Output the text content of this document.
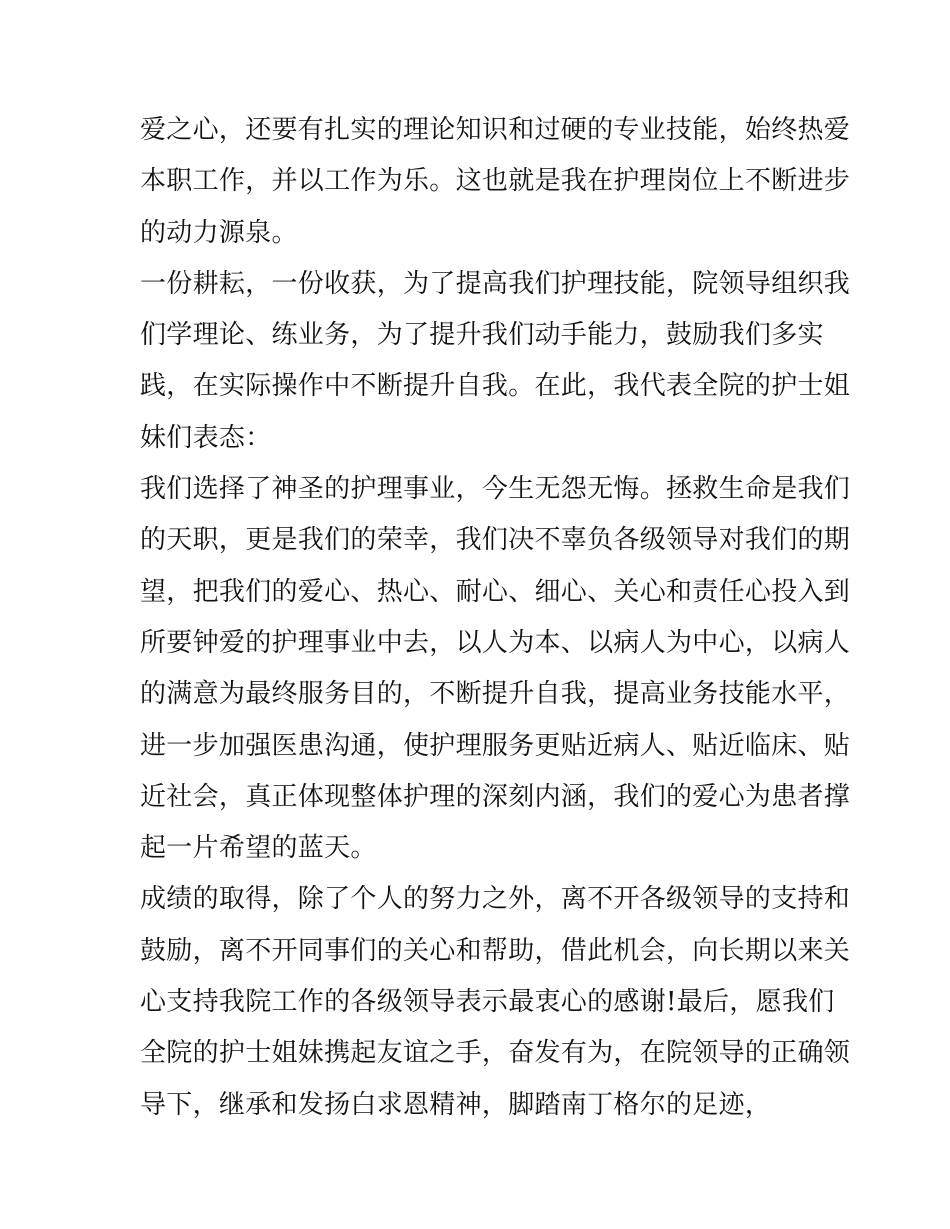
爱之心，还要有扎实的理论知识和过硬的专业技能，始终热爱
本职工作，并以工作为乐。这也就是我在护理岗位上不断进步
的动力源泉。
一份耕耘，一份收获，为了提高我们护理技能，院领导组织我
们学理论、练业务，为了提升我们动手能力，鼓励我们多实
践，在实际操作中不断提升自我。在此，我代表全院的护士姐
妹们表态：
我们选择了神圣的护理事业，今生无怨无悔。拯救生命是我们
的天职，更是我们的荣幸，我们决不辜负各级领导对我们的期
望，把我们的爱心、热心、耐心、细心、关心和责任心投入到
所要钟爱的护理事业中去，以人为本、以病人为中心，以病人
的满意为最终服务目的，不断提升自我，提高业务技能水平，
进一步加强医患沟通，使护理服务更贴近病人、贴近临床、贴
近社会，真正体现整体护理的深刻内涵，我们的爱心为患者撑
起一片希望的蓝天。
成绩的取得，除了个人的努力之外，离不开各级领导的支持和
鼓励，离不开同事们的关心和帮助，借此机会，向长期以来关
心支持我院工作的各级领导表示最衷心的感谢!最后，愿我们
全院的护士姐妹携起友谊之手，奋发有为，在院领导的正确领
导下，继承和发扬白求恩精神，脚踏南丁格尔的足迹，
